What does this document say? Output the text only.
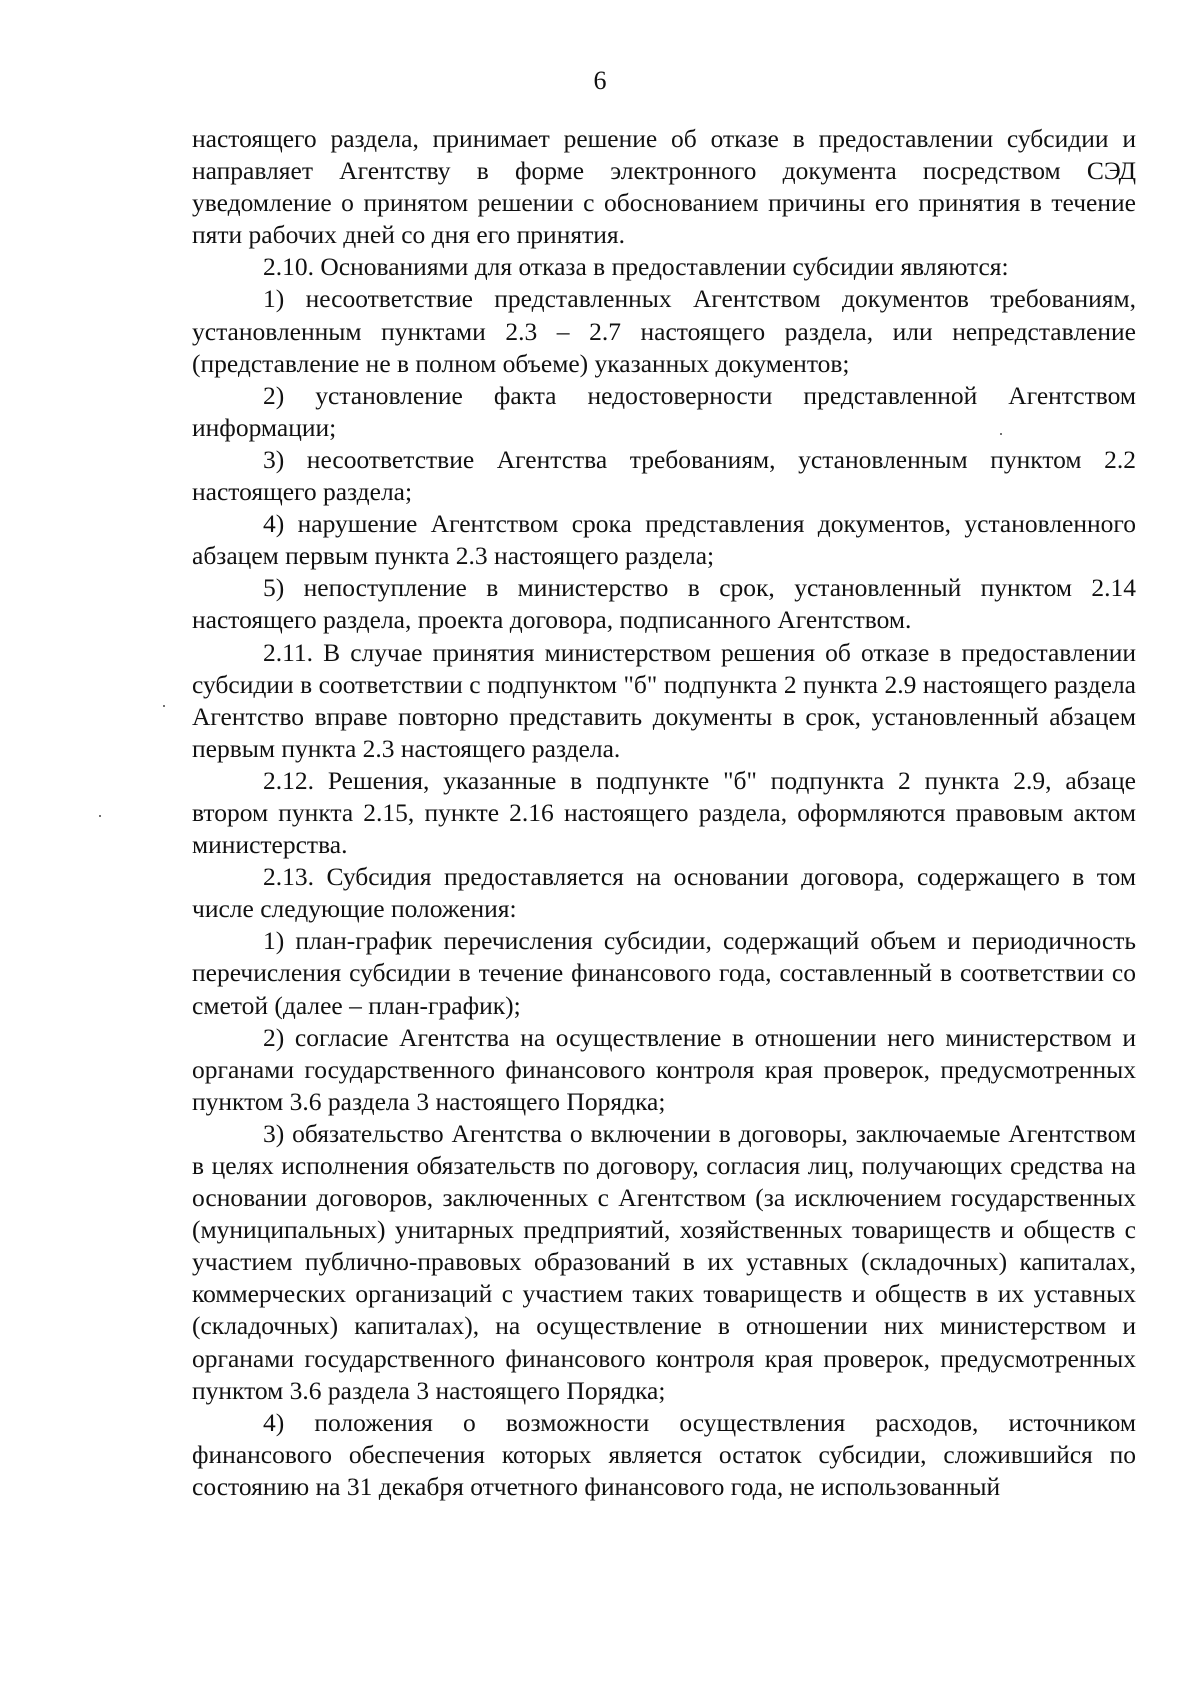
6

настоящего раздела, принимает решение об отказе в предоставлении субсидии и направляет Агентству в форме электронного документа посредством СЭД уведомление о принятом решении с обоснованием причины его принятия в течение пяти рабочих дней со дня его принятия.

2.10. Основаниями для отказа в предоставлении субсидии являются:

1) несоответствие представленных Агентством документов требованиям, установленным пунктами 2.3 – 2.7 настоящего раздела, или непредставление (представление не в полном объеме) указанных документов;

2) установление факта недостоверности представленной Агентством информации;

3) несоответствие Агентства требованиям, установленным пунктом 2.2 настоящего раздела;

4) нарушение Агентством срока представления документов, установленного абзацем первым пункта 2.3 настоящего раздела;

5) непоступление в министерство в срок, установленный пунктом 2.14 настоящего раздела, проекта договора, подписанного Агентством.

2.11. В случае принятия министерством решения об отказе в предоставлении субсидии в соответствии с подпунктом "б" подпункта 2 пункта 2.9 настоящего раздела Агентство вправе повторно представить документы в срок, установленный абзацем первым пункта 2.3 настоящего раздела.

2.12. Решения, указанные в подпункте "б" подпункта 2 пункта 2.9, абзаце втором пункта 2.15, пункте 2.16 настоящего раздела, оформляются правовым актом министерства.

2.13. Субсидия предоставляется на основании договора, содержащего в том числе следующие положения:

1) план-график перечисления субсидии, содержащий объем и периодичность перечисления субсидии в течение финансового года, составленный в соответствии со сметой (далее – план-график);

2) согласие Агентства на осуществление в отношении него министерством и органами государственного финансового контроля края проверок, предусмотренных пунктом 3.6 раздела 3 настоящего Порядка;

3) обязательство Агентства о включении в договоры, заключаемые Агентством в целях исполнения обязательств по договору, согласия лиц, получающих средства на основании договоров, заключенных с Агентством (за исключением государственных (муниципальных) унитарных предприятий, хозяйственных товариществ и обществ с участием публично-правовых образований в их уставных (складочных) капиталах, коммерческих организаций с участием таких товариществ и обществ в их уставных (складочных) капиталах), на осуществление в отношении них министерством и органами государственного финансового контроля края проверок, предусмотренных пунктом 3.6 раздела 3 настоящего Порядка;

4) положения о возможности осуществления расходов, источником финансового обеспечения которых является остаток субсидии, сложившийся по состоянию на 31 декабря отчетного финансового года, не использованный
